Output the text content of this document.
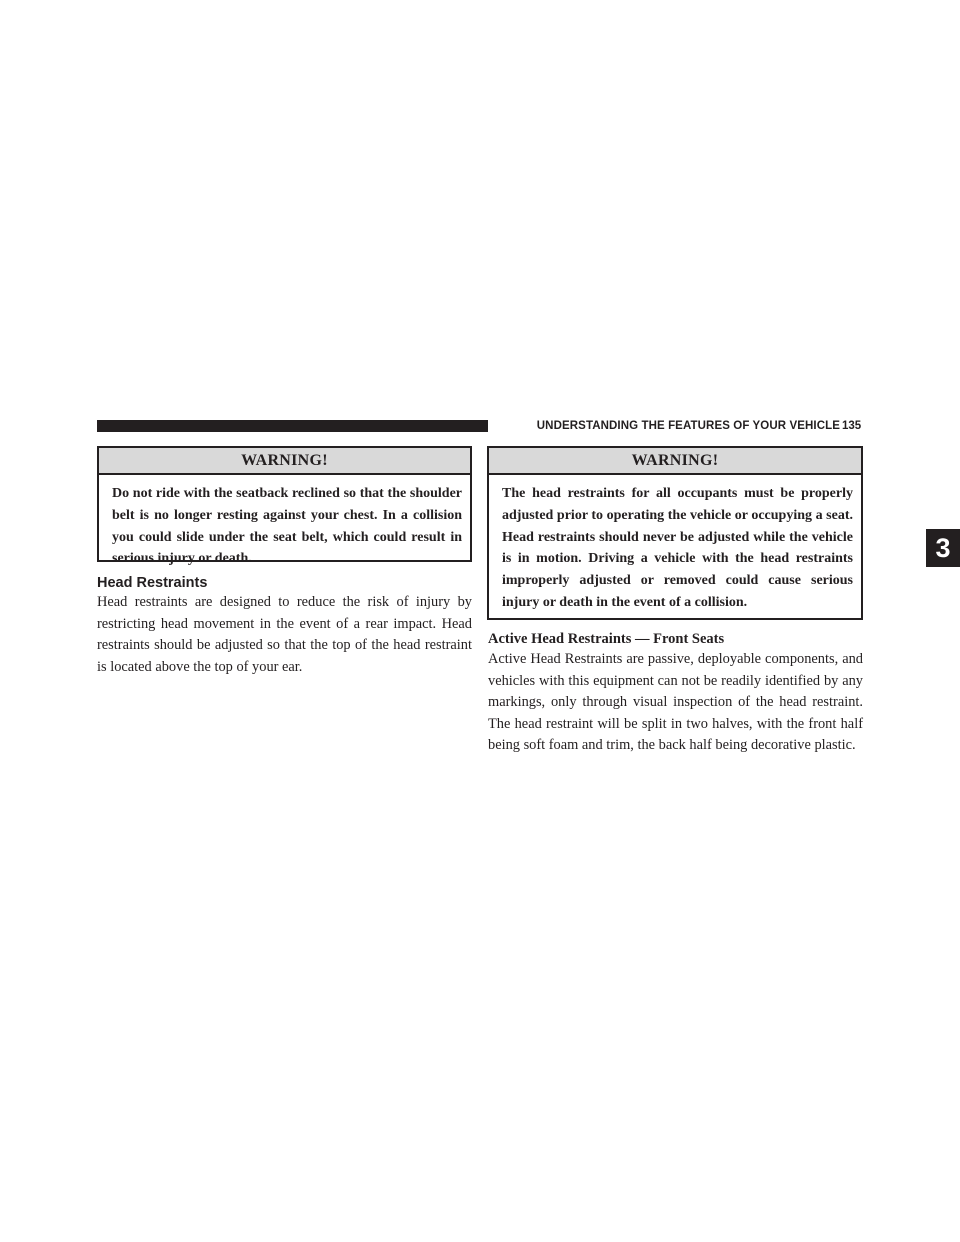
UNDERSTANDING THE FEATURES OF YOUR VEHICLE 135
3
WARNING!
Do not ride with the seatback reclined so that the shoulder belt is no longer resting against your chest. In a collision you could slide under the seat belt, which could result in serious injury or death.
Head Restraints
Head restraints are designed to reduce the risk of injury by restricting head movement in the event of a rear impact. Head restraints should be adjusted so that the top of the head restraint is located above the top of your ear.
WARNING!
The head restraints for all occupants must be properly adjusted prior to operating the vehicle or occupying a seat. Head restraints should never be adjusted while the vehicle is in motion. Driving a vehicle with the head restraints improperly adjusted or removed could cause serious injury or death in the event of a collision.
Active Head Restraints — Front Seats
Active Head Restraints are passive, deployable components, and vehicles with this equipment can not be readily identified by any markings, only through visual inspection of the head restraint. The head restraint will be split in two halves, with the front half being soft foam and trim, the back half being decorative plastic.
